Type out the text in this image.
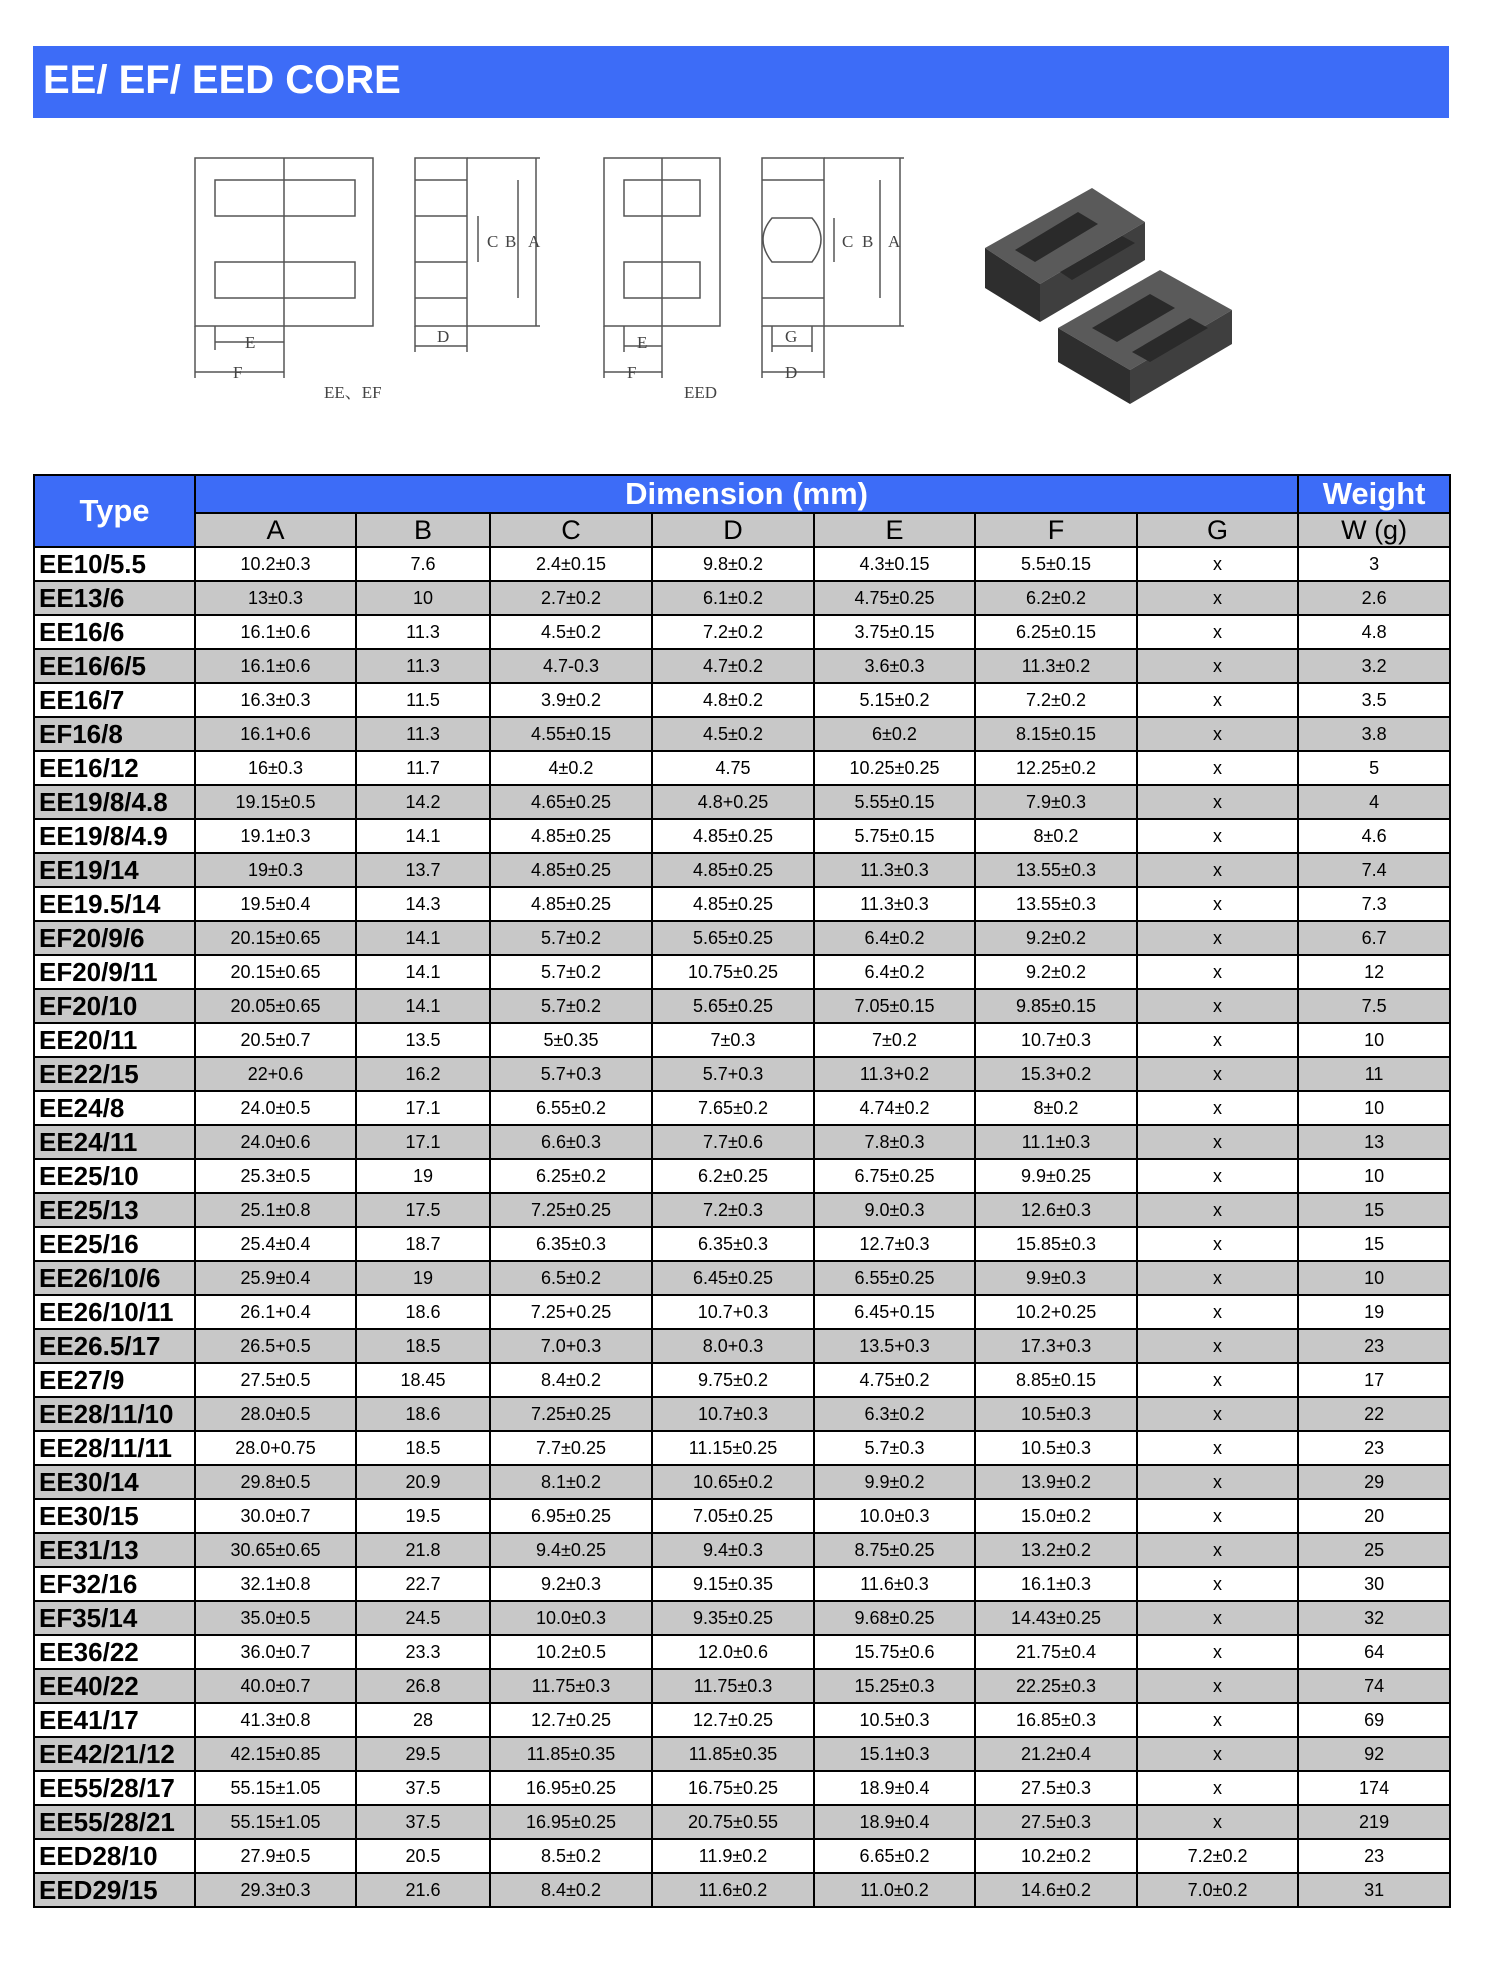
EE/ EF/ EED CORE
E
F
C B A
D
EE、EF
E
F
C B A
G
D
EED
Type	Dimension (mm)							Weight
	A	B	C	D	E	F	G	W (g)
EE10/5.5	10.2±0.3	7.6	2.4±0.15	9.8±0.2	4.3±0.15	5.5±0.15	x	3
EE13/6	13±0.3	10	2.7±0.2	6.1±0.2	4.75±0.25	6.2±0.2	x	2.6
EE16/6	16.1±0.6	11.3	4.5±0.2	7.2±0.2	3.75±0.15	6.25±0.15	x	4.8
EE16/6/5	16.1±0.6	11.3	4.7-0.3	4.7±0.2	3.6±0.3	11.3±0.2	x	3.2
EE16/7	16.3±0.3	11.5	3.9±0.2	4.8±0.2	5.15±0.2	7.2±0.2	x	3.5
EF16/8	16.1+0.6	11.3	4.55±0.15	4.5±0.2	6±0.2	8.15±0.15	x	3.8
EE16/12	16±0.3	11.7	4±0.2	4.75	10.25±0.25	12.25±0.2	x	5
EE19/8/4.8	19.15±0.5	14.2	4.65±0.25	4.8+0.25	5.55±0.15	7.9±0.3	x	4
EE19/8/4.9	19.1±0.3	14.1	4.85±0.25	4.85±0.25	5.75±0.15	8±0.2	x	4.6
EE19/14	19±0.3	13.7	4.85±0.25	4.85±0.25	11.3±0.3	13.55±0.3	x	7.4
EE19.5/14	19.5±0.4	14.3	4.85±0.25	4.85±0.25	11.3±0.3	13.55±0.3	x	7.3
EF20/9/6	20.15±0.65	14.1	5.7±0.2	5.65±0.25	6.4±0.2	9.2±0.2	x	6.7
EF20/9/11	20.15±0.65	14.1	5.7±0.2	10.75±0.25	6.4±0.2	9.2±0.2	x	12
EF20/10	20.05±0.65	14.1	5.7±0.2	5.65±0.25	7.05±0.15	9.85±0.15	x	7.5
EE20/11	20.5±0.7	13.5	5±0.35	7±0.3	7±0.2	10.7±0.3	x	10
EE22/15	22+0.6	16.2	5.7+0.3	5.7+0.3	11.3+0.2	15.3+0.2	x	11
EE24/8	24.0±0.5	17.1	6.55±0.2	7.65±0.2	4.74±0.2	8±0.2	x	10
EE24/11	24.0±0.6	17.1	6.6±0.3	7.7±0.6	7.8±0.3	11.1±0.3	x	13
EE25/10	25.3±0.5	19	6.25±0.2	6.2±0.25	6.75±0.25	9.9±0.25	x	10
EE25/13	25.1±0.8	17.5	7.25±0.25	7.2±0.3	9.0±0.3	12.6±0.3	x	15
EE25/16	25.4±0.4	18.7	6.35±0.3	6.35±0.3	12.7±0.3	15.85±0.3	x	15
EE26/10/6	25.9±0.4	19	6.5±0.2	6.45±0.25	6.55±0.25	9.9±0.3	x	10
EE26/10/11	26.1+0.4	18.6	7.25+0.25	10.7+0.3	6.45+0.15	10.2+0.25	x	19
EE26.5/17	26.5+0.5	18.5	7.0+0.3	8.0+0.3	13.5+0.3	17.3+0.3	x	23
EE27/9	27.5±0.5	18.45	8.4±0.2	9.75±0.2	4.75±0.2	8.85±0.15	x	17
EE28/11/10	28.0±0.5	18.6	7.25±0.25	10.7±0.3	6.3±0.2	10.5±0.3	x	22
EE28/11/11	28.0+0.75	18.5	7.7±0.25	11.15±0.25	5.7±0.3	10.5±0.3	x	23
EE30/14	29.8±0.5	20.9	8.1±0.2	10.65±0.2	9.9±0.2	13.9±0.2	x	29
EE30/15	30.0±0.7	19.5	6.95±0.25	7.05±0.25	10.0±0.3	15.0±0.2	x	20
EE31/13	30.65±0.65	21.8	9.4±0.25	9.4±0.3	8.75±0.25	13.2±0.2	x	25
EF32/16	32.1±0.8	22.7	9.2±0.3	9.15±0.35	11.6±0.3	16.1±0.3	x	30
EF35/14	35.0±0.5	24.5	10.0±0.3	9.35±0.25	9.68±0.25	14.43±0.25	x	32
EE36/22	36.0±0.7	23.3	10.2±0.5	12.0±0.6	15.75±0.6	21.75±0.4	x	64
EE40/22	40.0±0.7	26.8	11.75±0.3	11.75±0.3	15.25±0.3	22.25±0.3	x	74
EE41/17	41.3±0.8	28	12.7±0.25	12.7±0.25	10.5±0.3	16.85±0.3	x	69
EE42/21/12	42.15±0.85	29.5	11.85±0.35	11.85±0.35	15.1±0.3	21.2±0.4	x	92
EE55/28/17	55.15±1.05	37.5	16.95±0.25	16.75±0.25	18.9±0.4	27.5±0.3	x	174
EE55/28/21	55.15±1.05	37.5	16.95±0.25	20.75±0.55	18.9±0.4	27.5±0.3	x	219
EED28/10	27.9±0.5	20.5	8.5±0.2	11.9±0.2	6.65±0.2	10.2±0.2	7.2±0.2	23
EED29/15	29.3±0.3	21.6	8.4±0.2	11.6±0.2	11.0±0.2	14.6±0.2	7.0±0.2	31
